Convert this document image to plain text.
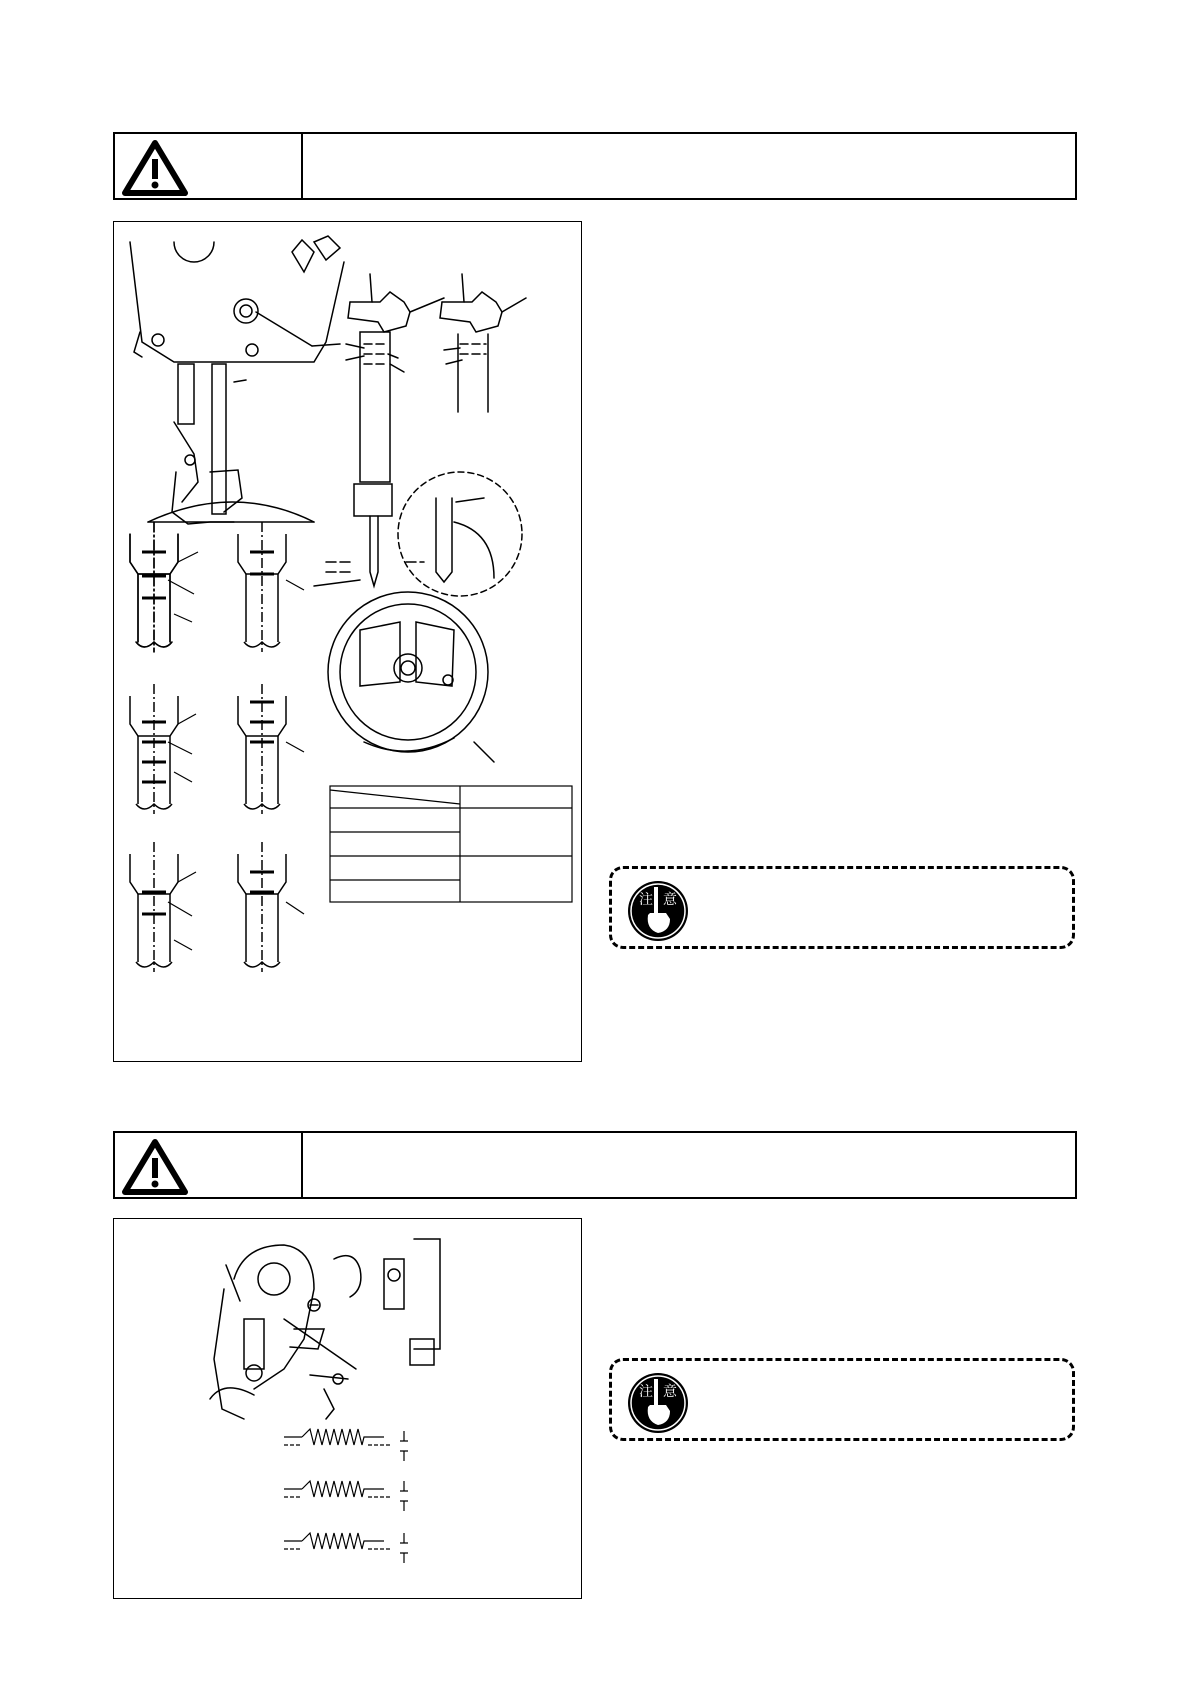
注 意
注 意
